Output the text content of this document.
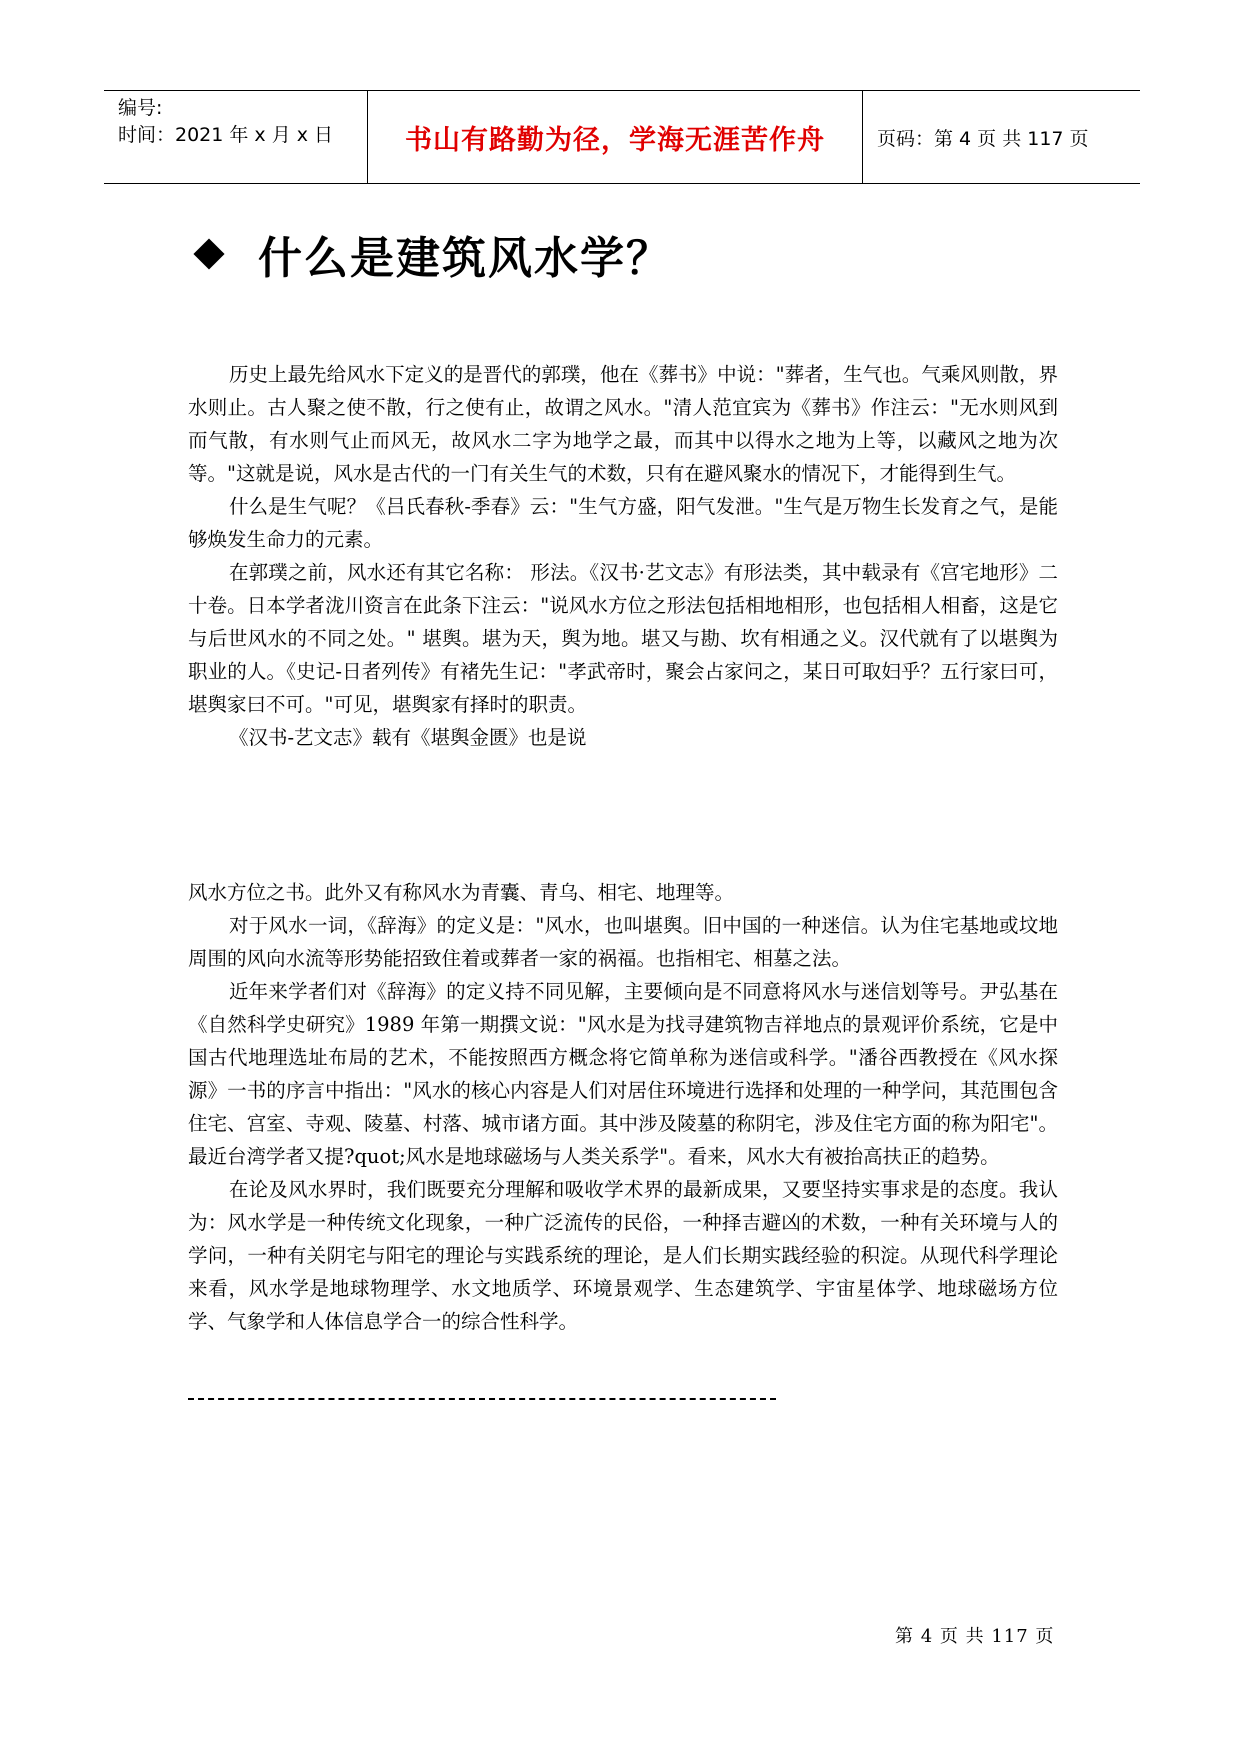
编号:
时间：2021 年 x 月 x 日	书山有路勤为径，学海无涯苦作舟	页码：第 4 页 共 117 页
什么是建筑风水学？

历史上最先给风水下定义的是晋代的郭璞，他在《葬书》中说："葬者，生气也。气乘风则散，界水则止。古人聚之使不散，行之使有止，故谓之风水。"清人范宜宾为《葬书》作注云："无水则风到而气散，有水则气止而风无，故风水二字为地学之最，而其中以得水之地为上等，以藏风之地为次等。"这就是说，风水是古代的一门有关生气的术数，只有在避风聚水的情况下，才能得到生气。

什么是生气呢？《吕氏春秋-季春》云："生气方盛，阳气发泄。"生气是万物生长发育之气，是能够焕发生命力的元素。

在郭璞之前，风水还有其它名称： 形法。《汉书·艺文志》有形法类，其中载录有《宫宅地形》二十卷。日本学者泷川资言在此条下注云："说风水方位之形法包括相地相形，也包括相人相畜，这是它与后世风水的不同之处。" 堪舆。堪为天，舆为地。堪又与勘、坎有相通之义。汉代就有了以堪舆为职业的人。《史记-日者列传》有褚先生记："孝武帝时，聚会占家问之，某日可取妇乎？五行家曰可，堪舆家曰不可。"可见，堪舆家有择时的职责。

《汉书-艺文志》载有《堪舆金匮》也是说

风水方位之书。此外又有称风水为青囊、青乌、相宅、地理等。

对于风水一词，《辞海》的定义是："风水，也叫堪舆。旧中国的一种迷信。认为住宅基地或坟地周围的风向水流等形势能招致住着或葬者一家的祸福。也指相宅、相墓之法。

近年来学者们对《辞海》的定义持不同见解，主要倾向是不同意将风水与迷信划等号。尹弘基在《自然科学史研究》1989 年第一期撰文说："风水是为找寻建筑物吉祥地点的景观评价系统，它是中国古代地理选址布局的艺术，不能按照西方概念将它简单称为迷信或科学。"潘谷西教授在《风水探源》一书的序言中指出："风水的核心内容是人们对居住环境进行选择和处理的一种学问，其范围包含住宅、宫室、寺观、陵墓、村落、城市诸方面。其中涉及陵墓的称阴宅，涉及住宅方面的称为阳宅"。最近台湾学者又提?quot;风水是地球磁场与人类关系学"。看来，风水大有被抬高扶正的趋势。

在论及风水界时，我们既要充分理解和吸收学术界的最新成果，又要坚持实事求是的态度。我认为：风水学是一种传统文化现象，一种广泛流传的民俗，一种择吉避凶的术数，一种有关环境与人的学问，一种有关阴宅与阳宅的理论与实践系统的理论，是人们长期实践经验的积淀。从现代科学理论来看，风水学是地球物理学、水文地质学、环境景观学、生态建筑学、宇宙星体学、地球磁场方位学、气象学和人体信息学合一的综合性科学。

第 4 页 共 117 页
